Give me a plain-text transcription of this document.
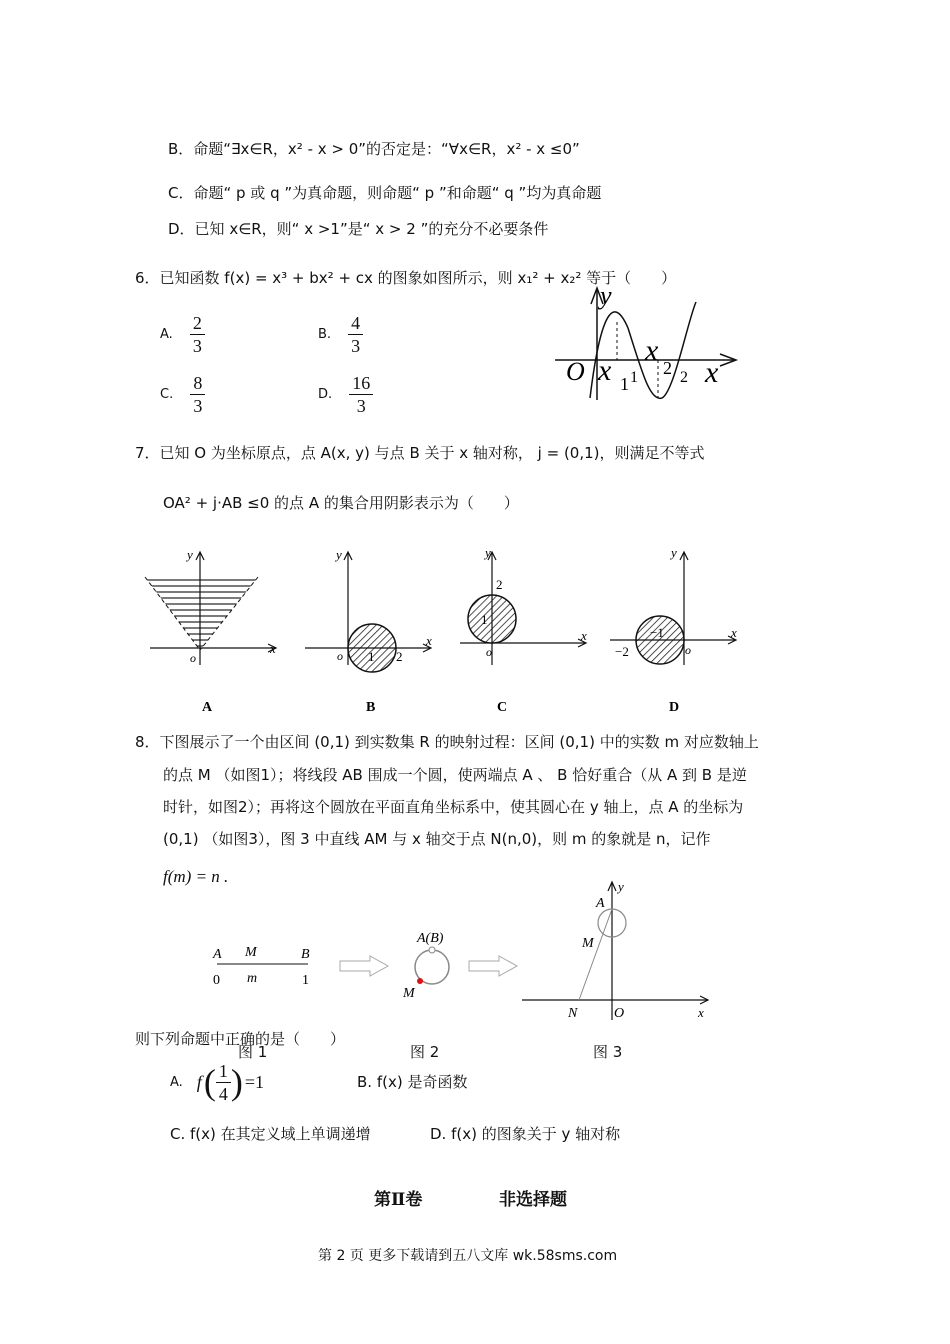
B．命题“∃x∈R，x² - x > 0”的否定是：“∀x∈R，x² - x ≤0”
C．命题“ p 或 q ”为真命题，则命题“ p ”和命题“ q ”均为真命题
D．已知 x∈R，则“ x >1”是“ x > 2 ”的充分不必要条件
6．已知函数 f(x) = x³ + bx² + cx 的图象如图所示，则 x₁² + x₂² 等于（　　）
A. $\frac{2}{3}$	B. $\frac{4}{3}$
C. $\frac{8}{3}$	D. $\frac{16}{3}$
y
O x 1 1
x
2 2 x
7．已知 O 为坐标原点，点 A(x, y) 与点 B 关于 x 轴对称， j = (0,1)，则满足不等式
OA² + j·AB ≤0 的点 A 的集合用阴影表示为（　　）
y
x
o
A
y
x
o 1 2
B
y
x
o
1
2
C
y
x
o
−1
−2
D
8．下图展示了一个由区间 (0,1) 到实数集 R 的映射过程：区间 (0,1) 中的实数 m 对应数轴上
的点 M （如图1）；将线段 AB 围成一个圆，使两端点 A 、 B 恰好重合（从 A 到 B 是逆
时针，如图2）；再将这个圆放在平面直角坐标系中，使其圆心在 y 轴上，点 A 的坐标为
(0,1) （如图3），图 3 中直线 AM 与 x 轴交于点 N(n,0)，则 m 的象就是 n，记作
f(m) = n .
A M	B
0 m	1
A(B)
M
y
A
M
N	O	x
则下列命题中正确的是（　　）
图 1	图 2	图 3
A. f ( $\frac{1}{4}$ ) =1	B. f(x) 是奇函数
C. f(x) 在其定义域上单调递增	D. f(x) 的图象关于 y 轴对称
第Ⅱ卷	非选择题
第 2 页 更多下载请到五八文库 wk.58sms.com
